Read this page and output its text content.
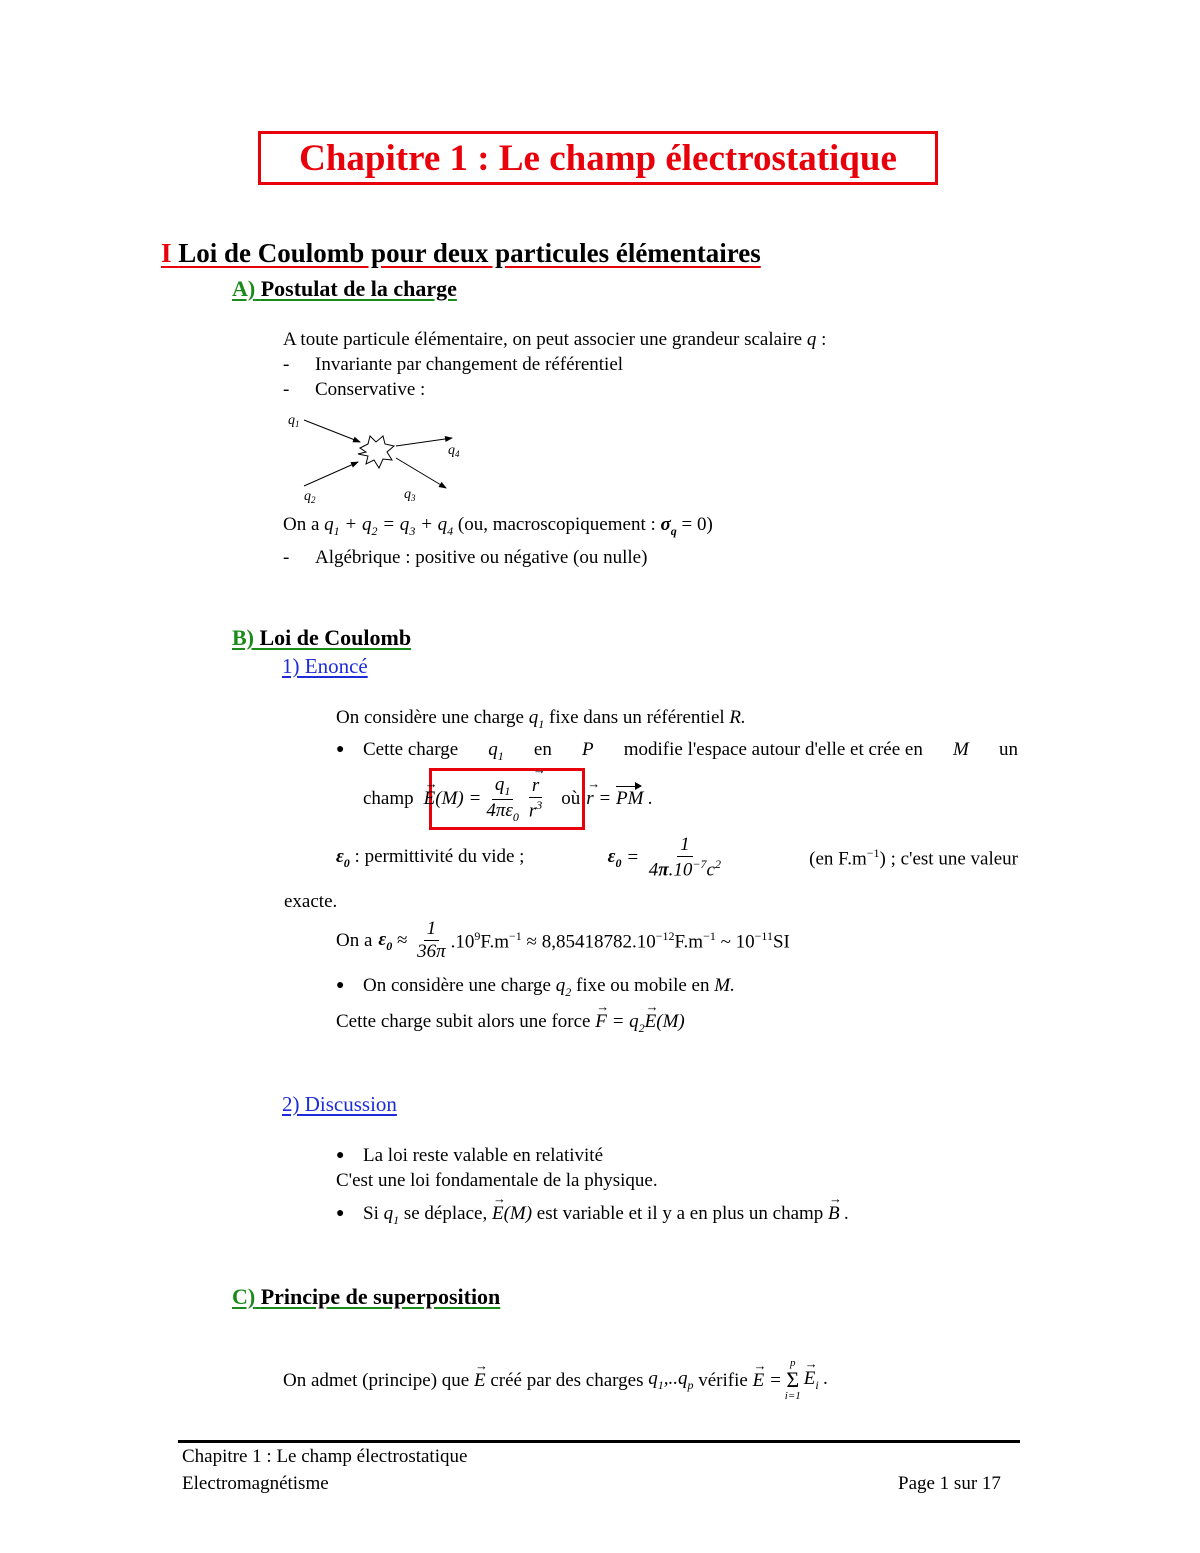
Chapitre 1 : Le champ électrostatique
I Loi de Coulomb pour deux particules élémentaires
A) Postulat de la charge
A toute particule élémentaire, on peut associer une grandeur scalaire q :
- Invariante par changement de référentiel
- Conservative :
$q_1$
$q_2$	$q_3$
$q_4$
On a $q_1 + q_2 = q_3 + q_4$ (ou, macroscopiquement : $\sigma_q = 0$)
- Algébrique : positive ou négative (ou nulle)
B) Loi de Coulomb
1) Enoncé
On considère une charge $q_1$ fixe dans un référentiel R.
● Cette charge $q_1$ en P modifie l'espace autour d'elle et crée en M un
champ
→ $E(M) = \frac{q_1}{4\pi\varepsilon_0}$
→ $\frac{r}{r^3}$ où
→ r = PM .
$\varepsilon_0$ : permittivité du vide ;	$\varepsilon_0 = \frac{1}{4\pi.10^{-7}c^2}$	(en $F.m^{-1}$) ; c'est une valeur
exacte.
On a $\varepsilon_0 \approx \frac{1}{36\pi} .10^9F.m^{-1} \approx 8,85418782.10^{-12}F.m^{-1}$ ~ $10^{-11}SI$
● On considère une charge $q_2$ fixe ou mobile en M.
Cette charge subit alors une force → $F = q_2\to E(M)$
2) Discussion
● La loi reste valable en relativité
C'est une loi fondamentale de la physique.
● Si $q_1$ se déplace, → E(M) est variable et il y a en plus un champ → B .
C) Principe de superposition
On admet (principe) que

→ E
créé par des charges
$q_1,..q_p$
vérifie

→ E =
p
Σ
i=1
→ $E_i$ .
Chapitre 1 : Le champ électrostatique
Electromagnétisme	Page 1 sur 17
